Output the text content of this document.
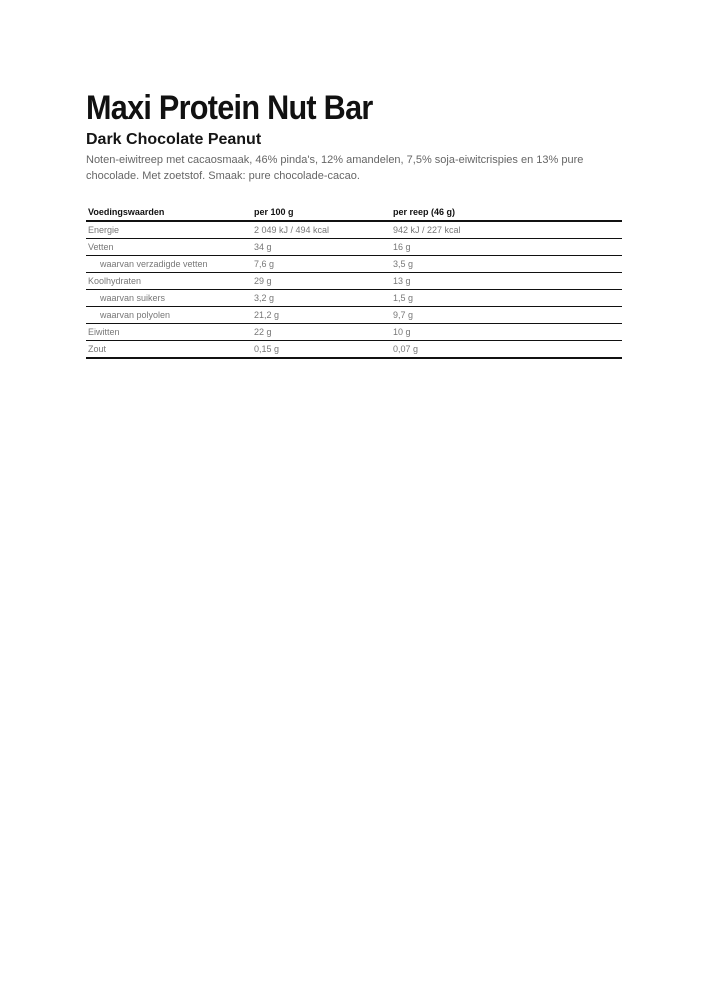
Maxi Protein Nut Bar
Dark Chocolate Peanut

Noten-eiwitreep met cacaosmaak, 46% pinda's, 12% amandelen, 7,5% soja-eiwitcrispies en 13% pure chocolade. Met zoetstof. Smaak: pure chocolade-cacao.

Voedingswaarden	per 100 g	per reep (46 g)
Energie	2 049 kJ / 494 kcal	942 kJ / 227 kcal
Vetten	34 g	16 g
waarvan verzadigde vetten	7,6 g	3,5 g
Koolhydraten	29 g	13 g
waarvan suikers	3,2 g	1,5 g
waarvan polyolen	21,2 g	9,7 g
Eiwitten	22 g	10 g
Zout	0,15 g	0,07 g
